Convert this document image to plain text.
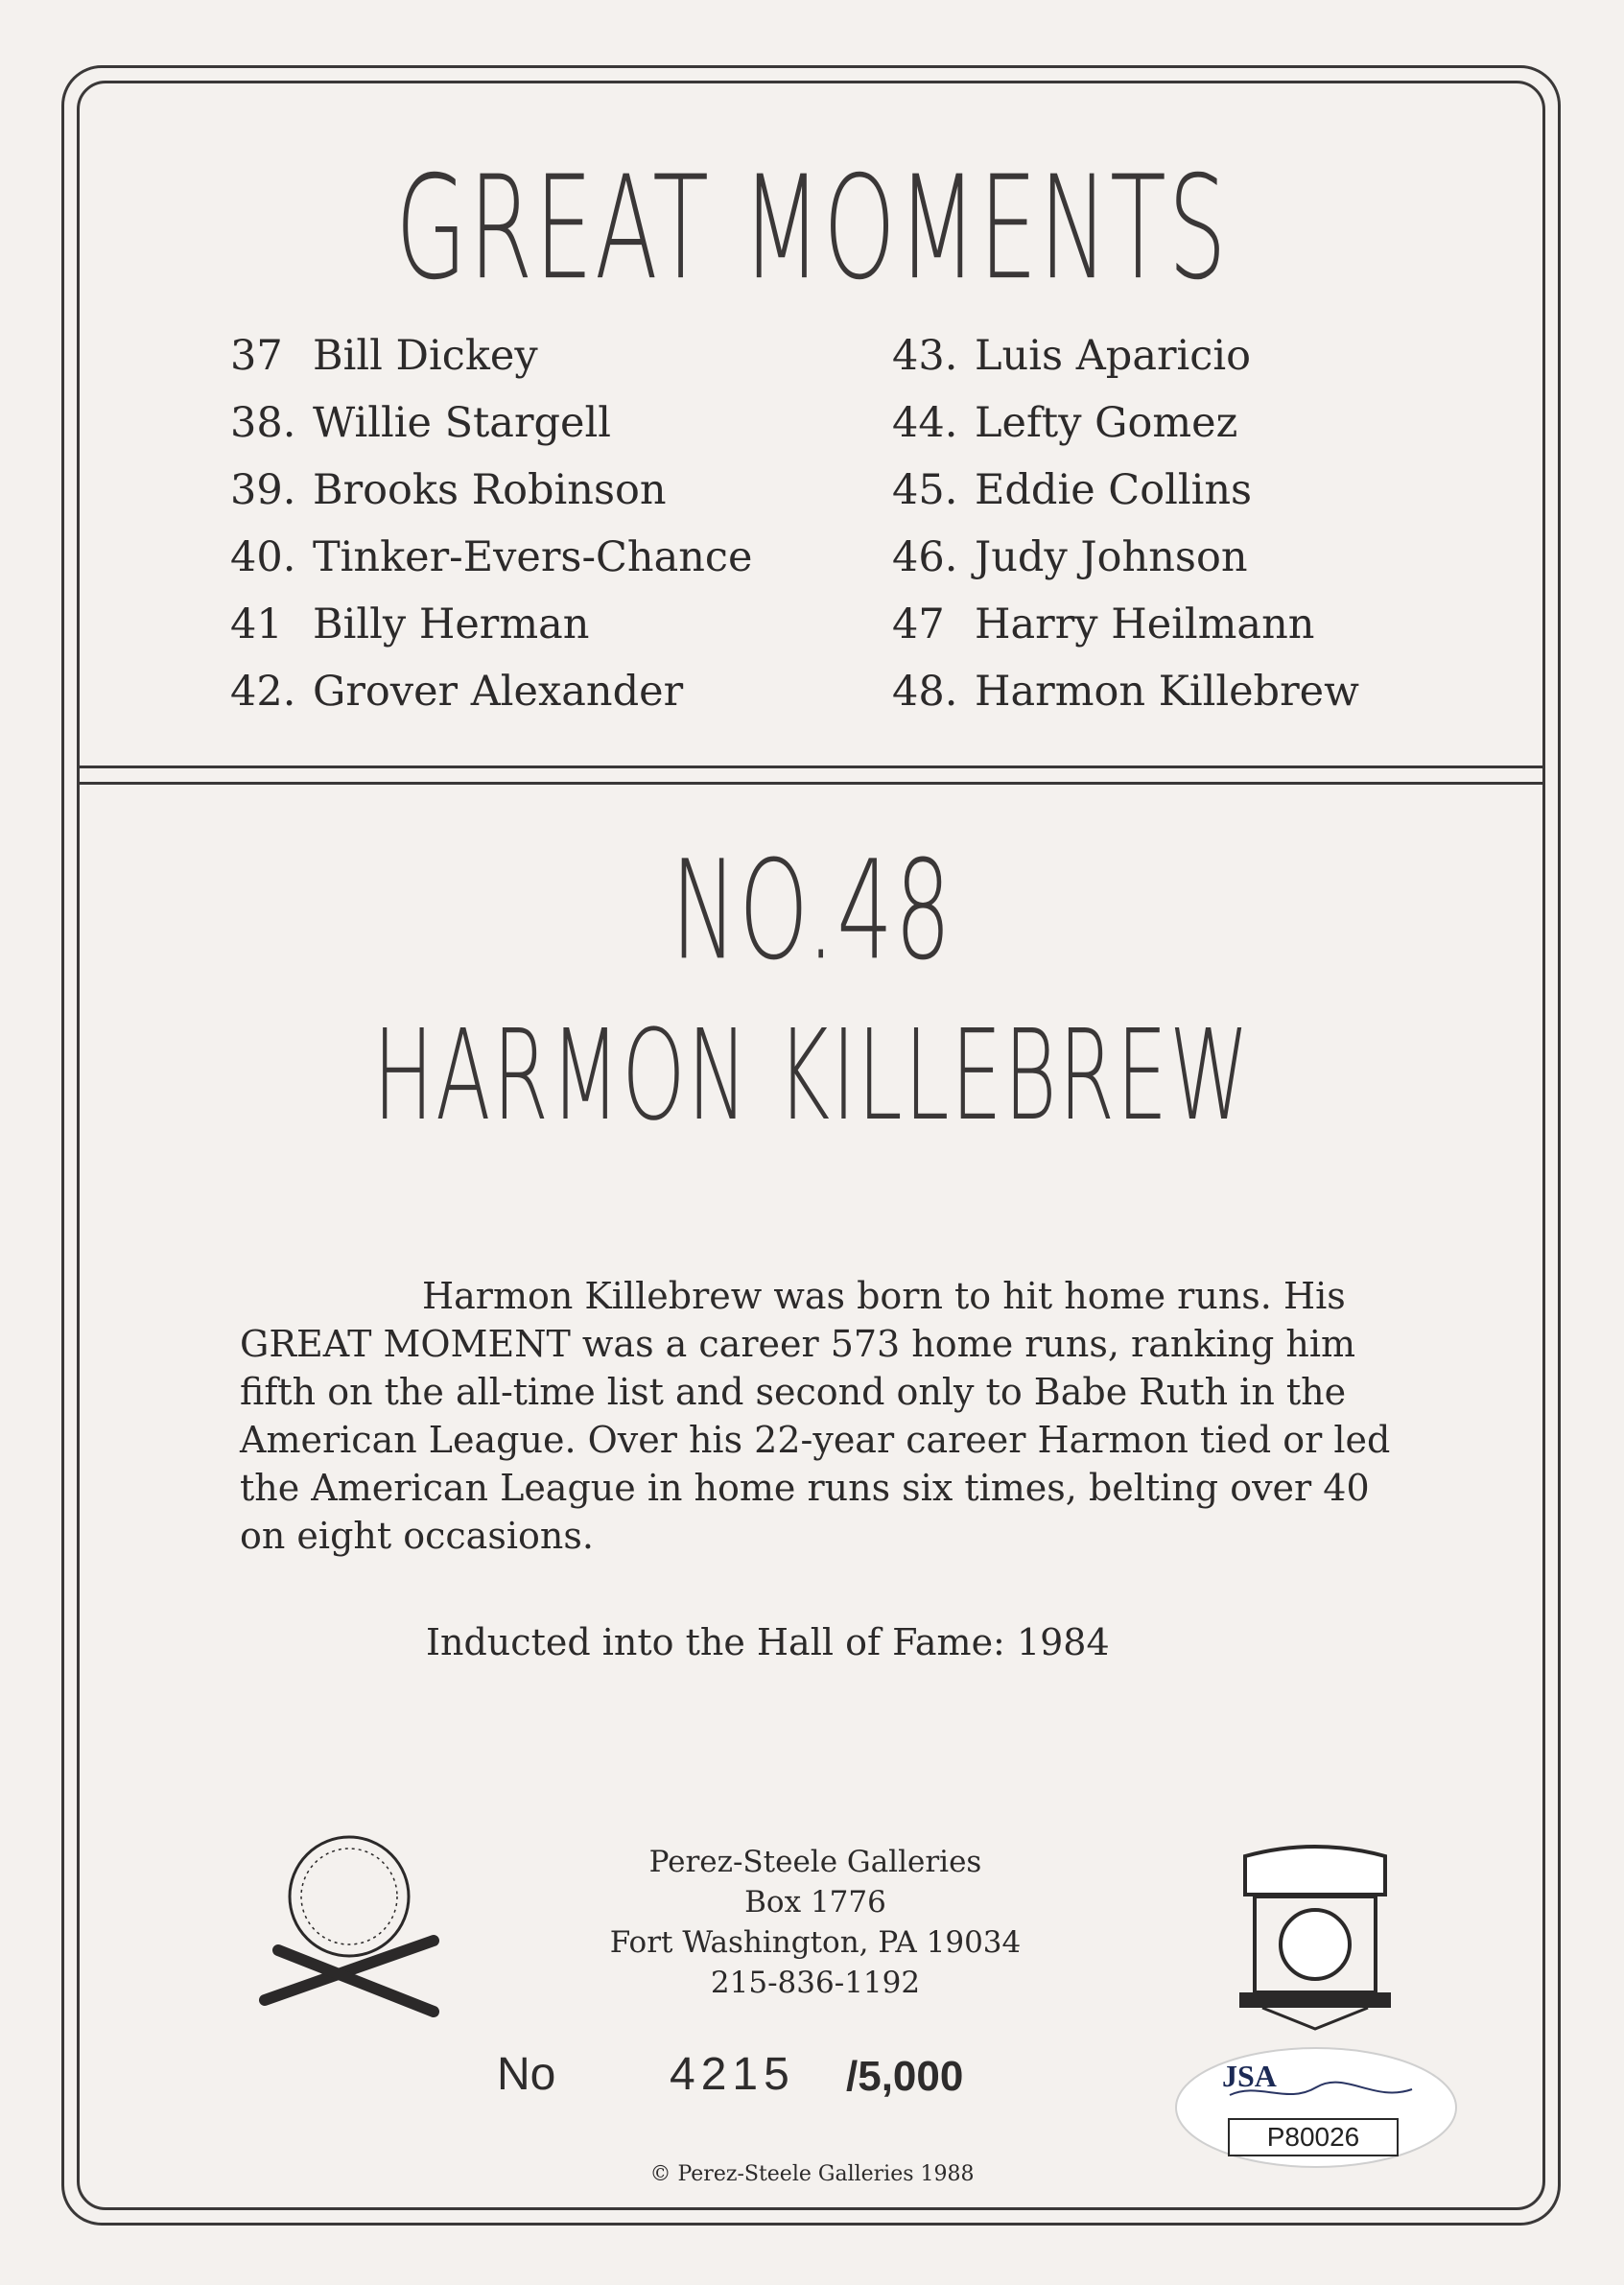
GREAT MOMENTS
37 Bill Dickey
38. Willie Stargell
39. Brooks Robinson
40. Tinker-Evers-Chance
41 Billy Herman
42. Grover Alexander
43. Luis Aparicio
44. Lefty Gomez
45. Eddie Collins
46. Judy Johnson
47 Harry Heilmann
48. Harmon Killebrew
NO.48
HARMON KILLEBREW

Harmon Killebrew was born to hit home runs. His GREAT MOMENT was a career 573 home runs, ranking him fifth on the all-time list and second only to Babe Ruth in the American League. Over his 22-year career Harmon tied or led the American League in home runs six times, belting over 40 on eight occasions.

Inducted into the Hall of Fame: 1984
Perez-Steele Galleries
Box 1776
Fort Washington, PA 19034
215-836-1192
No 4215 /5,000	JSA
P80026
© Perez-Steele Galleries 1988
